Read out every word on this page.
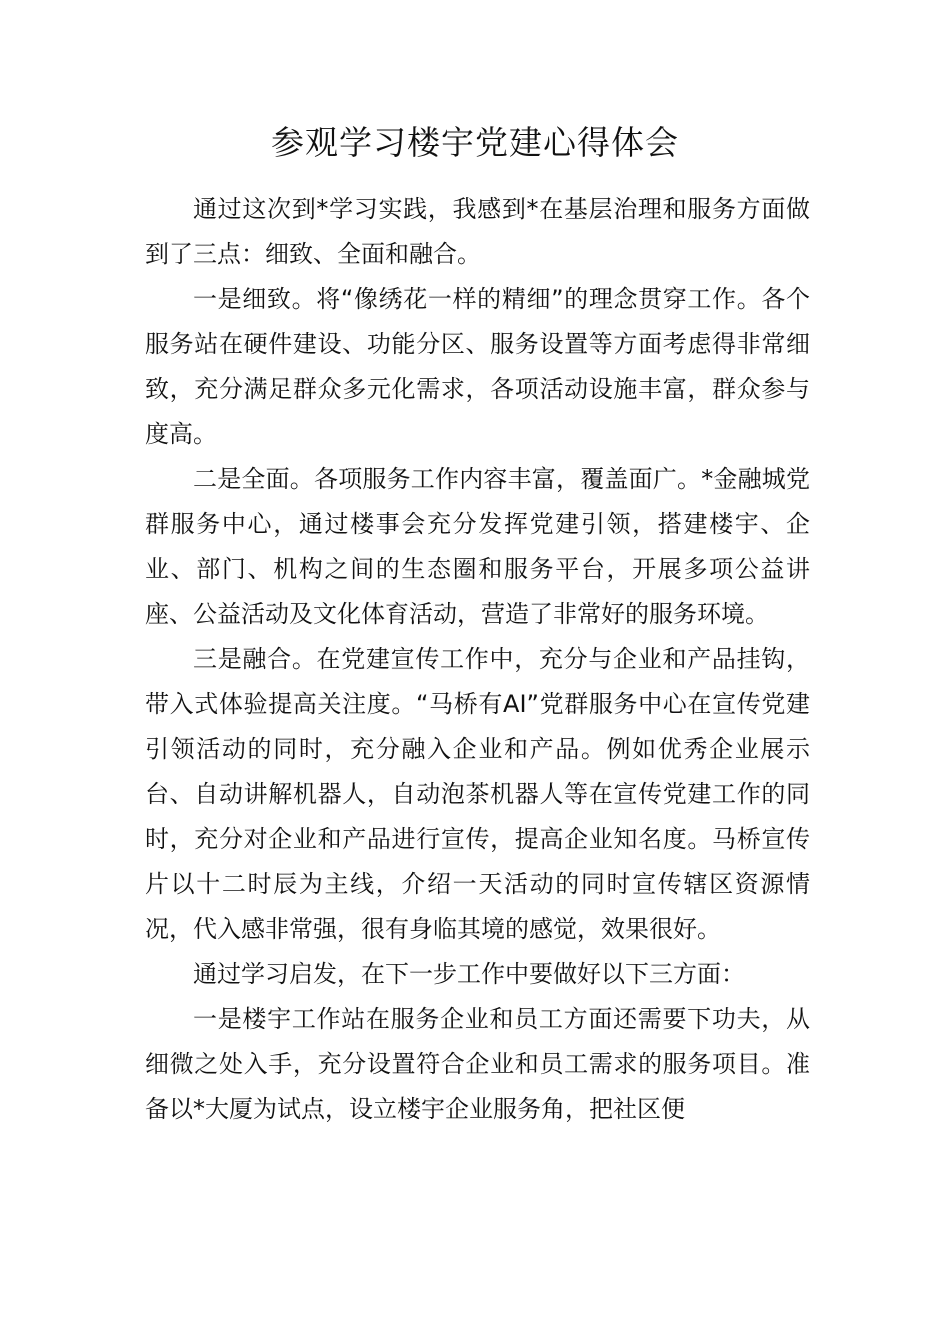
参观学习楼宇党建心得体会

通过这次到*学习实践，我感到*在基层治理和服务方面做到了三点：细致、全面和融合。

一是细致。将“像绣花一样的精细”的理念贯穿工作。各个服务站在硬件建设、功能分区、服务设置等方面考虑得非常细致，充分满足群众多元化需求，各项活动设施丰富，群众参与度高。

二是全面。各项服务工作内容丰富，覆盖面广。*金融城党群服务中心，通过楼事会充分发挥党建引领，搭建楼宇、企业、部门、机构之间的生态圈和服务平台，开展多项公益讲座、公益活动及文化体育活动，营造了非常好的服务环境。

三是融合。在党建宣传工作中，充分与企业和产品挂钩，带入式体验提高关注度。“马桥有AI”党群服务中心在宣传党建引领活动的同时，充分融入企业和产品。例如优秀企业展示台、自动讲解机器人，自动泡茶机器人等在宣传党建工作的同时，充分对企业和产品进行宣传，提高企业知名度。马桥宣传片以十二时辰为主线，介绍一天活动的同时宣传辖区资源情况，代入感非常强，很有身临其境的感觉，效果很好。

通过学习启发，在下一步工作中要做好以下三方面：

一是楼宇工作站在服务企业和员工方面还需要下功夫，从细微之处入手，充分设置符合企业和员工需求的服务项目。准备以*大厦为试点，设立楼宇企业服务角，把社区便
